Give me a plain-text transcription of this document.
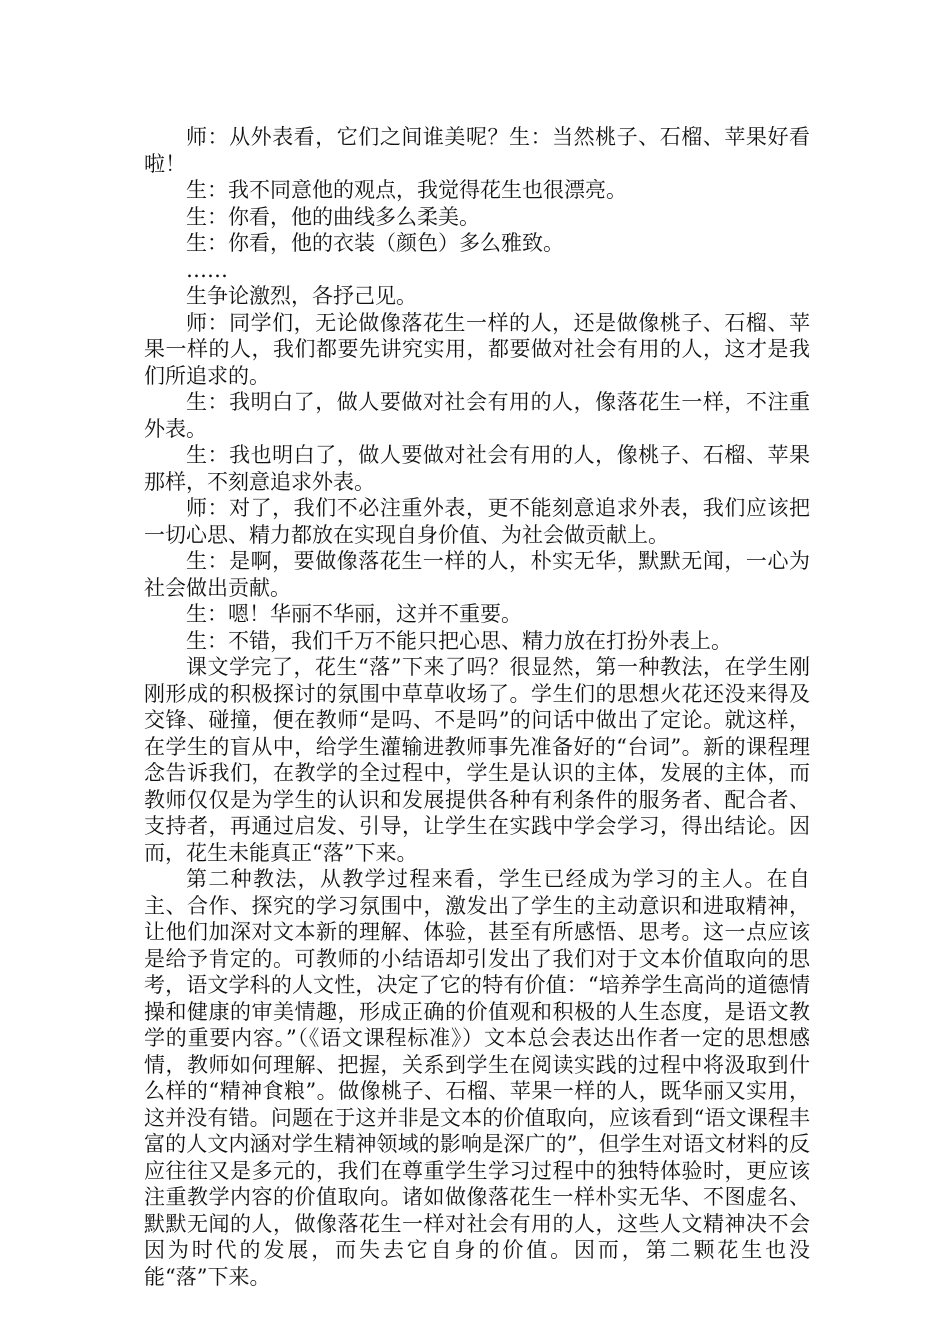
师：从外表看，它们之间谁美呢？生：当然桃子、石榴、苹果好看啦！

生：我不同意他的观点，我觉得花生也很漂亮。

生：你看，他的曲线多么柔美。

生：你看，他的衣装（颜色）多么雅致。

……

生争论激烈，各抒己见。

师：同学们，无论做像落花生一样的人，还是做像桃子、石榴、苹果一样的人，我们都要先讲究实用，都要做对社会有用的人，这才是我们所追求的。

生：我明白了，做人要做对社会有用的人，像落花生一样，不注重外表。

生：我也明白了，做人要做对社会有用的人，像桃子、石榴、苹果那样，不刻意追求外表。

师：对了，我们不必注重外表，更不能刻意追求外表，我们应该把一切心思、精力都放在实现自身价值、为社会做贡献上。

生：是啊，要做像落花生一样的人，朴实无华，默默无闻，一心为社会做出贡献。

生：嗯！华丽不华丽，这并不重要。

生：不错，我们千万不能只把心思、精力放在打扮外表上。

课文学完了，花生“落”下来了吗？很显然，第一种教法，在学生刚刚形成的积极探讨的氛围中草草收场了。学生们的思想火花还没来得及交锋、碰撞，便在教师“是吗、不是吗”的问话中做出了定论。就这样，在学生的盲从中，给学生灌输进教师事先准备好的“台词”。新的课程理念告诉我们，在教学的全过程中，学生是认识的主体，发展的主体，而教师仅仅是为学生的认识和发展提供各种有利条件的服务者、配合者、支持者，再通过启发、引导，让学生在实践中学会学习，得出结论。因而，花生未能真正“落”下来。

第二种教法，从教学过程来看，学生已经成为学习的主人。在自主、合作、探究的学习氛围中，激发出了学生的主动意识和进取精神，让他们加深对文本新的理解、体验，甚至有所感悟、思考。这一点应该是给予肯定的。可教师的小结语却引发出了我们对于文本价值取向的思考，语文学科的人文性，决定了它的特有价值：“培养学生高尚的道德情操和健康的审美情趣，形成正确的价值观和积极的人生态度，是语文教学的重要内容。”（《语文课程标准》）文本总会表达出作者一定的思想感情，教师如何理解、把握，关系到学生在阅读实践的过程中将汲取到什么样的“精神食粮”。做像桃子、石榴、苹果一样的人，既华丽又实用，这并没有错。问题在于这并非是文本的价值取向，应该看到“语文课程丰富的人文内涵对学生精神领域的影响是深广的”，但学生对语文材料的反应往往又是多元的，我们在尊重学生学习过程中的独特体验时，更应该注重教学内容的价值取向。诸如做像落花生一样朴实无华、不图虚名、默默无闻的人，做像落花生一样对社会有用的人，这些人文精神决不会因为时代的发展，而失去它自身的价值。因而，第二颗花生也没能“落”下来。
